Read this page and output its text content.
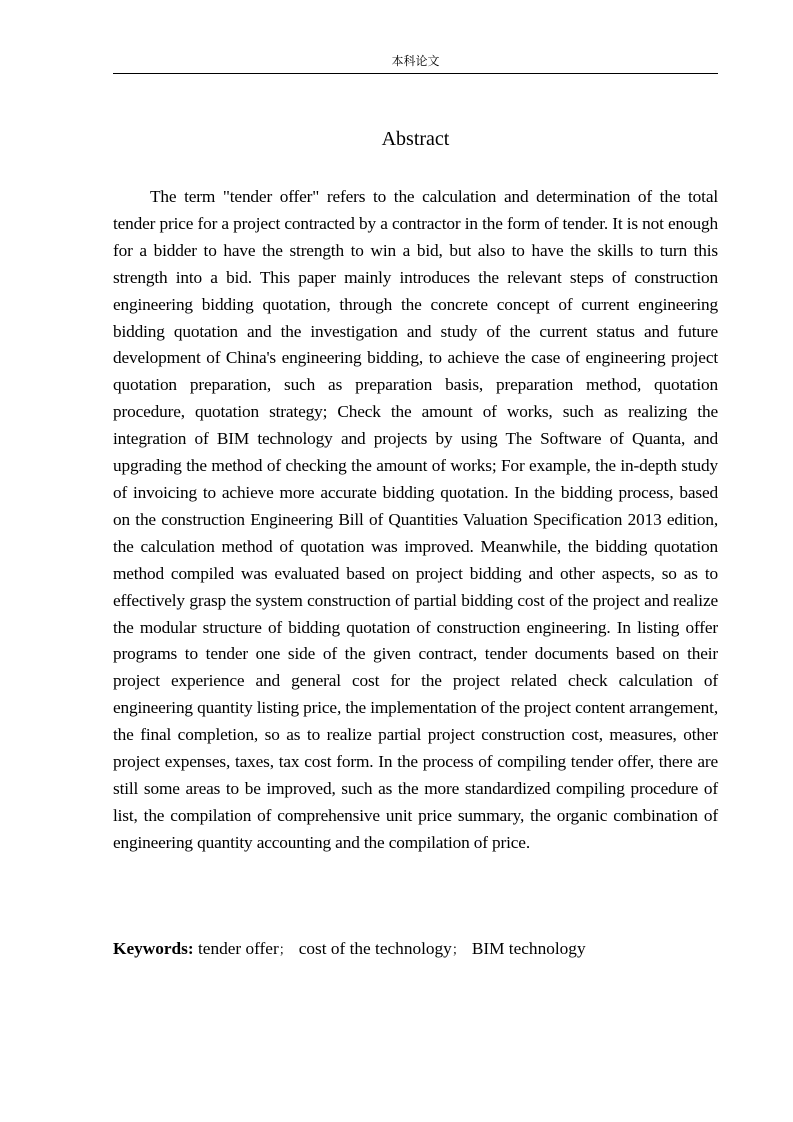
本科论文
Abstract

The term "tender offer" refers to the calculation and determination of the total tender price for a project contracted by a contractor in the form of tender. It is not enough for a bidder to have the strength to win a bid, but also to have the skills to turn this strength into a bid. This paper mainly introduces the relevant steps of construction engineering bidding quotation, through the concrete concept of current engineering bidding quotation and the investigation and study of the current status and future development of China's engineering bidding, to achieve the case of engineering project quotation preparation, such as preparation basis, preparation method, quotation procedure, quotation strategy; Check the amount of works, such as realizing the integration of BIM technology and projects by using The Software of Quanta, and upgrading the method of checking the amount of works; For example, the in-depth study of invoicing to achieve more accurate bidding quotation. In the bidding process, based on the construction Engineering Bill of Quantities Valuation Specification 2013 edition, the calculation method of quotation was improved. Meanwhile, the bidding quotation method compiled was evaluated based on project bidding and other aspects, so as to effectively grasp the system construction of partial bidding cost of the project and realize the modular structure of bidding quotation of construction engineering. In listing offer programs to tender one side of the given contract, tender documents based on their project experience and general cost for the project related check calculation of engineering quantity listing price, the implementation of the project content arrangement, the final completion, so as to realize partial project construction cost, measures, other project expenses, taxes, tax cost form. In the process of compiling tender offer, there are still some areas to be improved, such as the more standardized compiling procedure of list, the compilation of comprehensive unit price summary, the organic combination of engineering quantity accounting and the compilation of price.

Keywords: tender offer； cost of the technology； BIM technology
